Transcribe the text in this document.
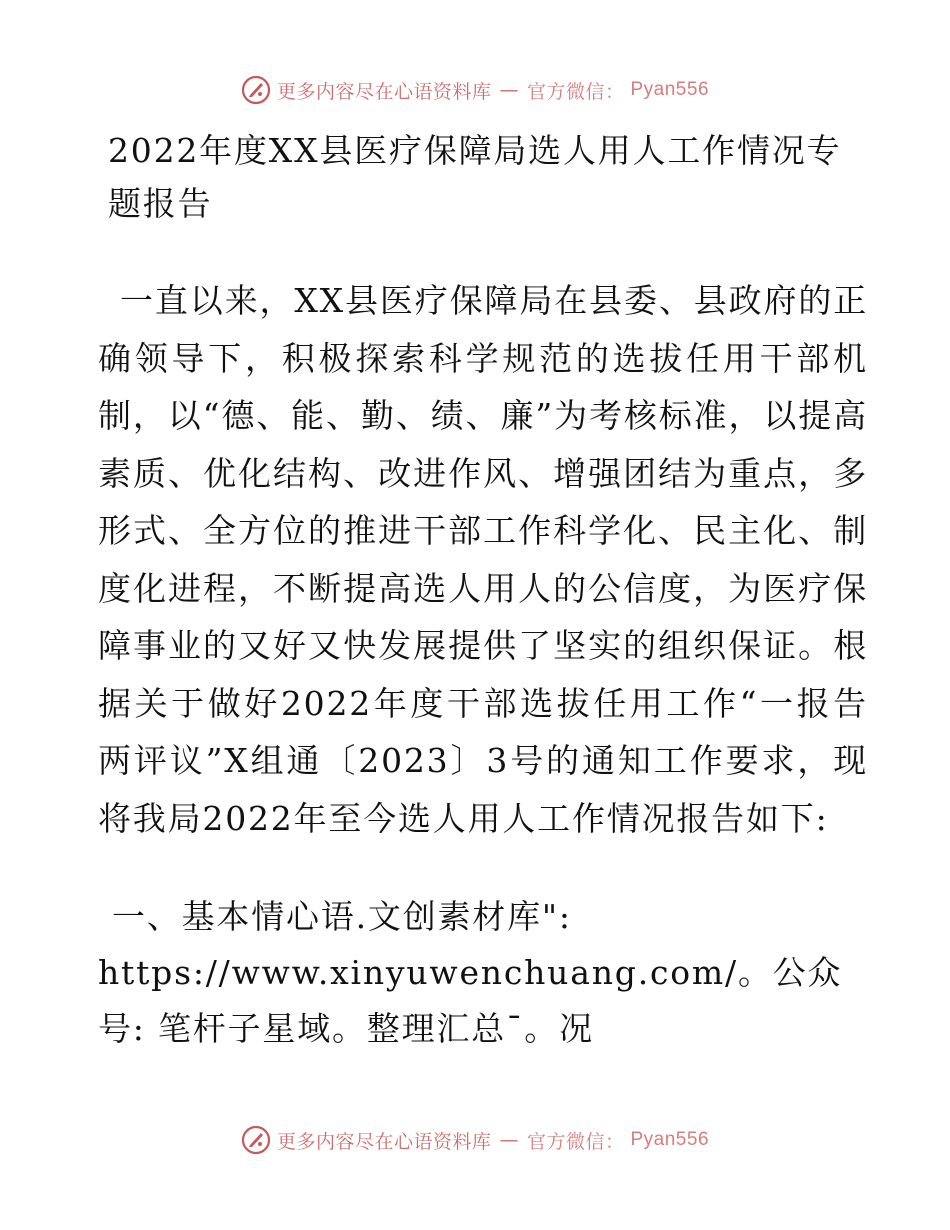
更多内容尽在心语资料库 — 官方微信： Pyan556
2022年度XX县医疗保障局选人用人工作情况专题报告

一直以来，XX县医疗保障局在县委、县政府的正确领导下，积极探索科学规范的选拔任用干部机制，以“德、能、勤、绩、廉”为考核标准，以提高素质、优化结构、改进作风、增强团结为重点，多形式、全方位的推进干部工作科学化、民主化、制度化进程，不断提高选人用人的公信度，为医疗保障事业的又好又快发展提供了坚实的组织保证。根据关于做好2022年度干部选拔任用工作“一报告两评议”X组通〔2023〕3号的通知工作要求，现将我局2022年至今选人用人工作情况报告如下:

一、基本情心语.文创素材库": https://www.xinyuwenchuang.com/。公众号: 笔杆子星域。整理汇总¯。况

更多内容尽在心语资料库 — 官方微信： Pyan556
